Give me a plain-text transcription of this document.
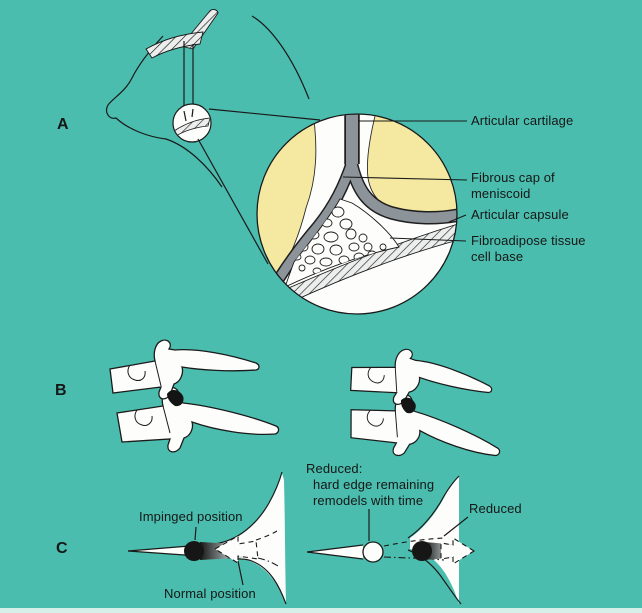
A
B
C
Articular cartilage
Fibrous cap of
meniscoid
Articular capsule
Fibroadipose tissue
cell base
Impinged position
Normal position
Reduced:
hard edge remaining
remodels with time
Reduced
